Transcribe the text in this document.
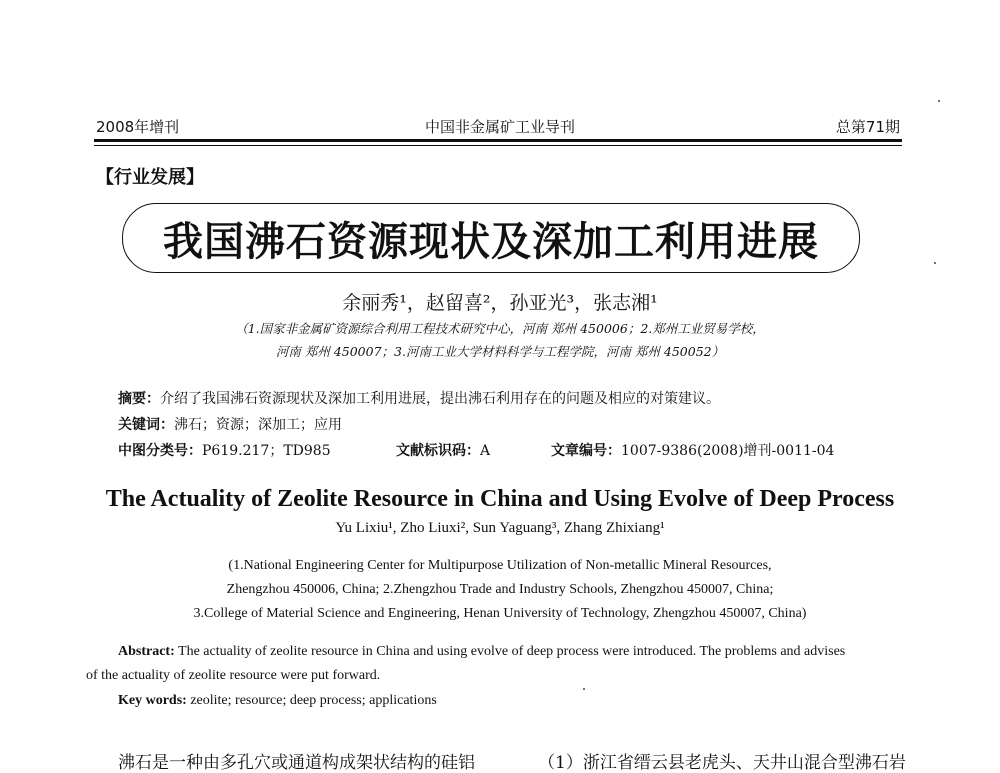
2008年增刊	中国非金属矿工业导刊	总第71期
【行业发展】
我国沸石资源现状及深加工利用进展
余丽秀¹，赵留喜²，孙亚光³，张志湘¹
（1.国家非金属矿资源综合利用工程技术研究中心，河南 郑州 450006；2.郑州工业贸易学校，
河南 郑州 450007；3.河南工业大学材料科学与工程学院，河南 郑州 450052）
摘要：介绍了我国沸石资源现状及深加工利用进展，提出沸石利用存在的问题及相应的对策建议。
关键词：沸石；资源；深加工；应用
中图分类号：P619.217；TD985	文献标识码：A	文章编号：1007-9386(2008)增刊-0011-04
The Actuality of Zeolite Resource in China and Using Evolve of Deep Process
Yu Lixiu¹, Zho Liuxi², Sun Yaguang³, Zhang Zhixiang¹
(1.National Engineering Center for Multipurpose Utilization of Non-metallic Mineral Resources,
Zhengzhou 450006, China; 2.Zhengzhou Trade and Industry Schools, Zhengzhou 450007, China;
3.College of Material Science and Engineering, Henan University of Technology, Zhengzhou 450007, China)
Abstract: The actuality of zeolite resource in China and using evolve of deep process were introduced. The problems and advises
of the actuality of zeolite resource were put forward.
Key words: zeolite; resource; deep process; applications
沸石是一种由多孔穴或通道构成架状结构的硅铝	（1）浙江省缙云县老虎头、天井山混合型沸石岩
